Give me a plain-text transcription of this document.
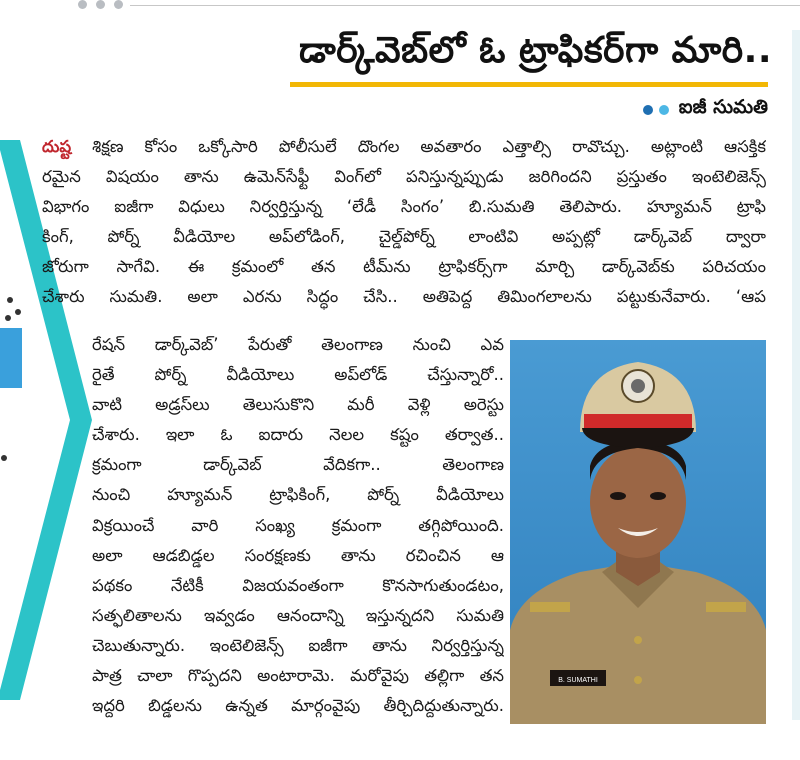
డార్క్‌వెబ్‌లో ఓ ట్రాఫికర్‌గా మారి..
ఐజీ సుమతి
దుష్ట శిక్షణ కోసం ఒక్కోసారి పోలీసులే దొంగల అవతారం ఎత్తాల్సి రావొచ్చు. అట్లాంటి ఆసక్తిక
రమైన విషయం తాను ఉమెన్‌సేఫ్టీ వింగ్‌లో పనిస్తున్నప్పుడు జరిగిందని ప్రస్తుతం ఇంటెలిజెన్స్
విభాగం ఐజీగా విధులు నిర్వర్తిస్తున్న ‘లేడీ సింగం’ బి.సుమతి తెలిపారు. హ్యూమన్ ట్రాఫి
కింగ్, పోర్న్ వీడియోల అప్‌లోడింగ్, చైల్డ్‌పోర్న్ లాంటివి అప్పట్లో డార్క్‌వెబ్ ద్వారా
జోరుగా సాగేవి. ఈ క్రమంలో తన టీమ్‌ను ట్రాఫికర్స్‌గా మార్చి డార్క్‌వెబ్‌కు పరిచయం
చేశారు సుమతి. అలా ఎరను సిద్ధం చేసి.. అతిపెద్ద తిమింగలాలను పట్టుకునేవారు. ‘ఆప
రేషన్ డార్క్‌వెబ్’ పేరుతో తెలంగాణ నుంచి ఎవ
రైతే పోర్న్ వీడియోలు అప్‌లోడ్ చేస్తున్నారో..
వాటి అడ్రస్‌లు తెలుసుకొని మరీ వెళ్లి అరెస్టు
చేశారు. ఇలా ఓ ఐదారు నెలల కష్టం తర్వాత..
క్రమంగా డార్క్‌వెబ్ వేదికగా.. తెలంగాణ
నుంచి హ్యూమన్ ట్రాఫికింగ్, పోర్న్ వీడియోలు
విక్రయించే వారి సంఖ్య క్రమంగా తగ్గిపోయింది.
అలా ఆడబిడ్డల సంరక్షణకు తాను రచించిన ఆ
పథకం నేటికీ విజయవంతంగా కొనసాగుతుండటం,
సత్ఫలితాలను ఇవ్వడం ఆనందాన్ని ఇస్తున్నదని సుమతి
చెబుతున్నారు. ఇంటెలిజెన్స్ ఐజీగా తాను నిర్వర్తిస్తున్న
పాత్ర చాలా గొప్పదని అంటారామె. మరోవైపు తల్లిగా తన
ఇద్దరి బిడ్డలను ఉన్నత మార్గంవైపు తీర్చిదిద్దుతున్నారు.
B. SUMATHI
